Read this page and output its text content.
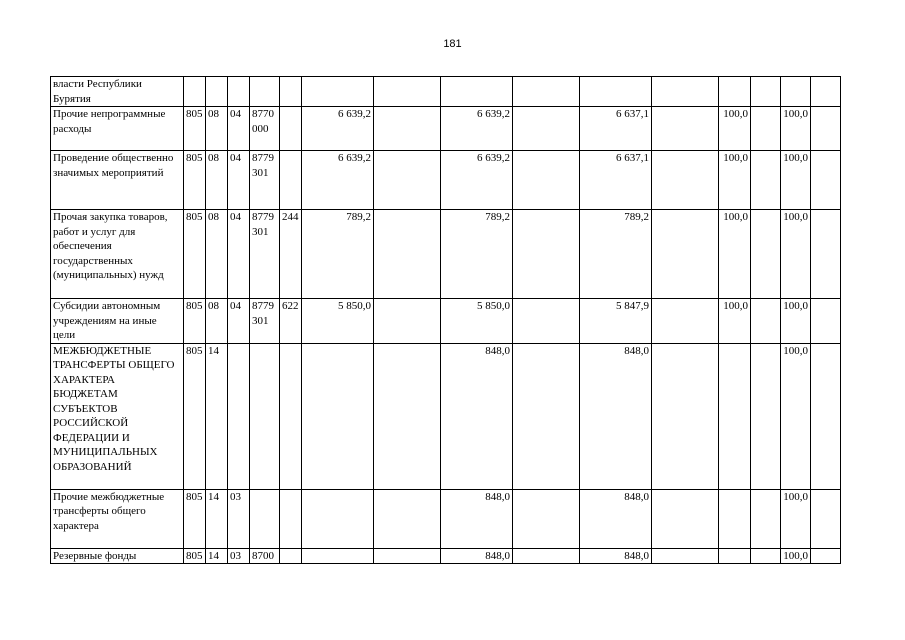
181
власти Республики Бурятия															
Прочие непрограммные расходы	805	08	04	8770 000		6 639,2		6 639,2		6 637,1		100,0		100,0	
Проведение общественно значимых мероприятий	805	08	04	8779 301		6 639,2		6 639,2		6 637,1		100,0		100,0	
Прочая закупка товаров, работ и услуг для обеспечения государственных (муниципальных) нужд	805	08	04	8779 301	244	789,2		789,2		789,2		100,0		100,0	
Субсидии автономным учреждениям на иные цели	805	08	04	8779 301	622	5 850,0		5 850,0		5 847,9		100,0		100,0	
МЕЖБЮДЖЕТНЫЕ ТРАНСФЕРТЫ ОБЩЕГО ХАРАКТЕРА БЮДЖЕТАМ СУБЪЕКТОВ РОССИЙСКОЙ ФЕДЕРАЦИИ И МУНИЦИПАЛЬНЫХ ОБРАЗОВАНИЙ	805	14						848,0		848,0				100,0	
Прочие межбюджетные трансферты общего характера	805	14	03					848,0		848,0				100,0	
Резервные фонды	805	14	03	8700				848,0		848,0				100,0	
